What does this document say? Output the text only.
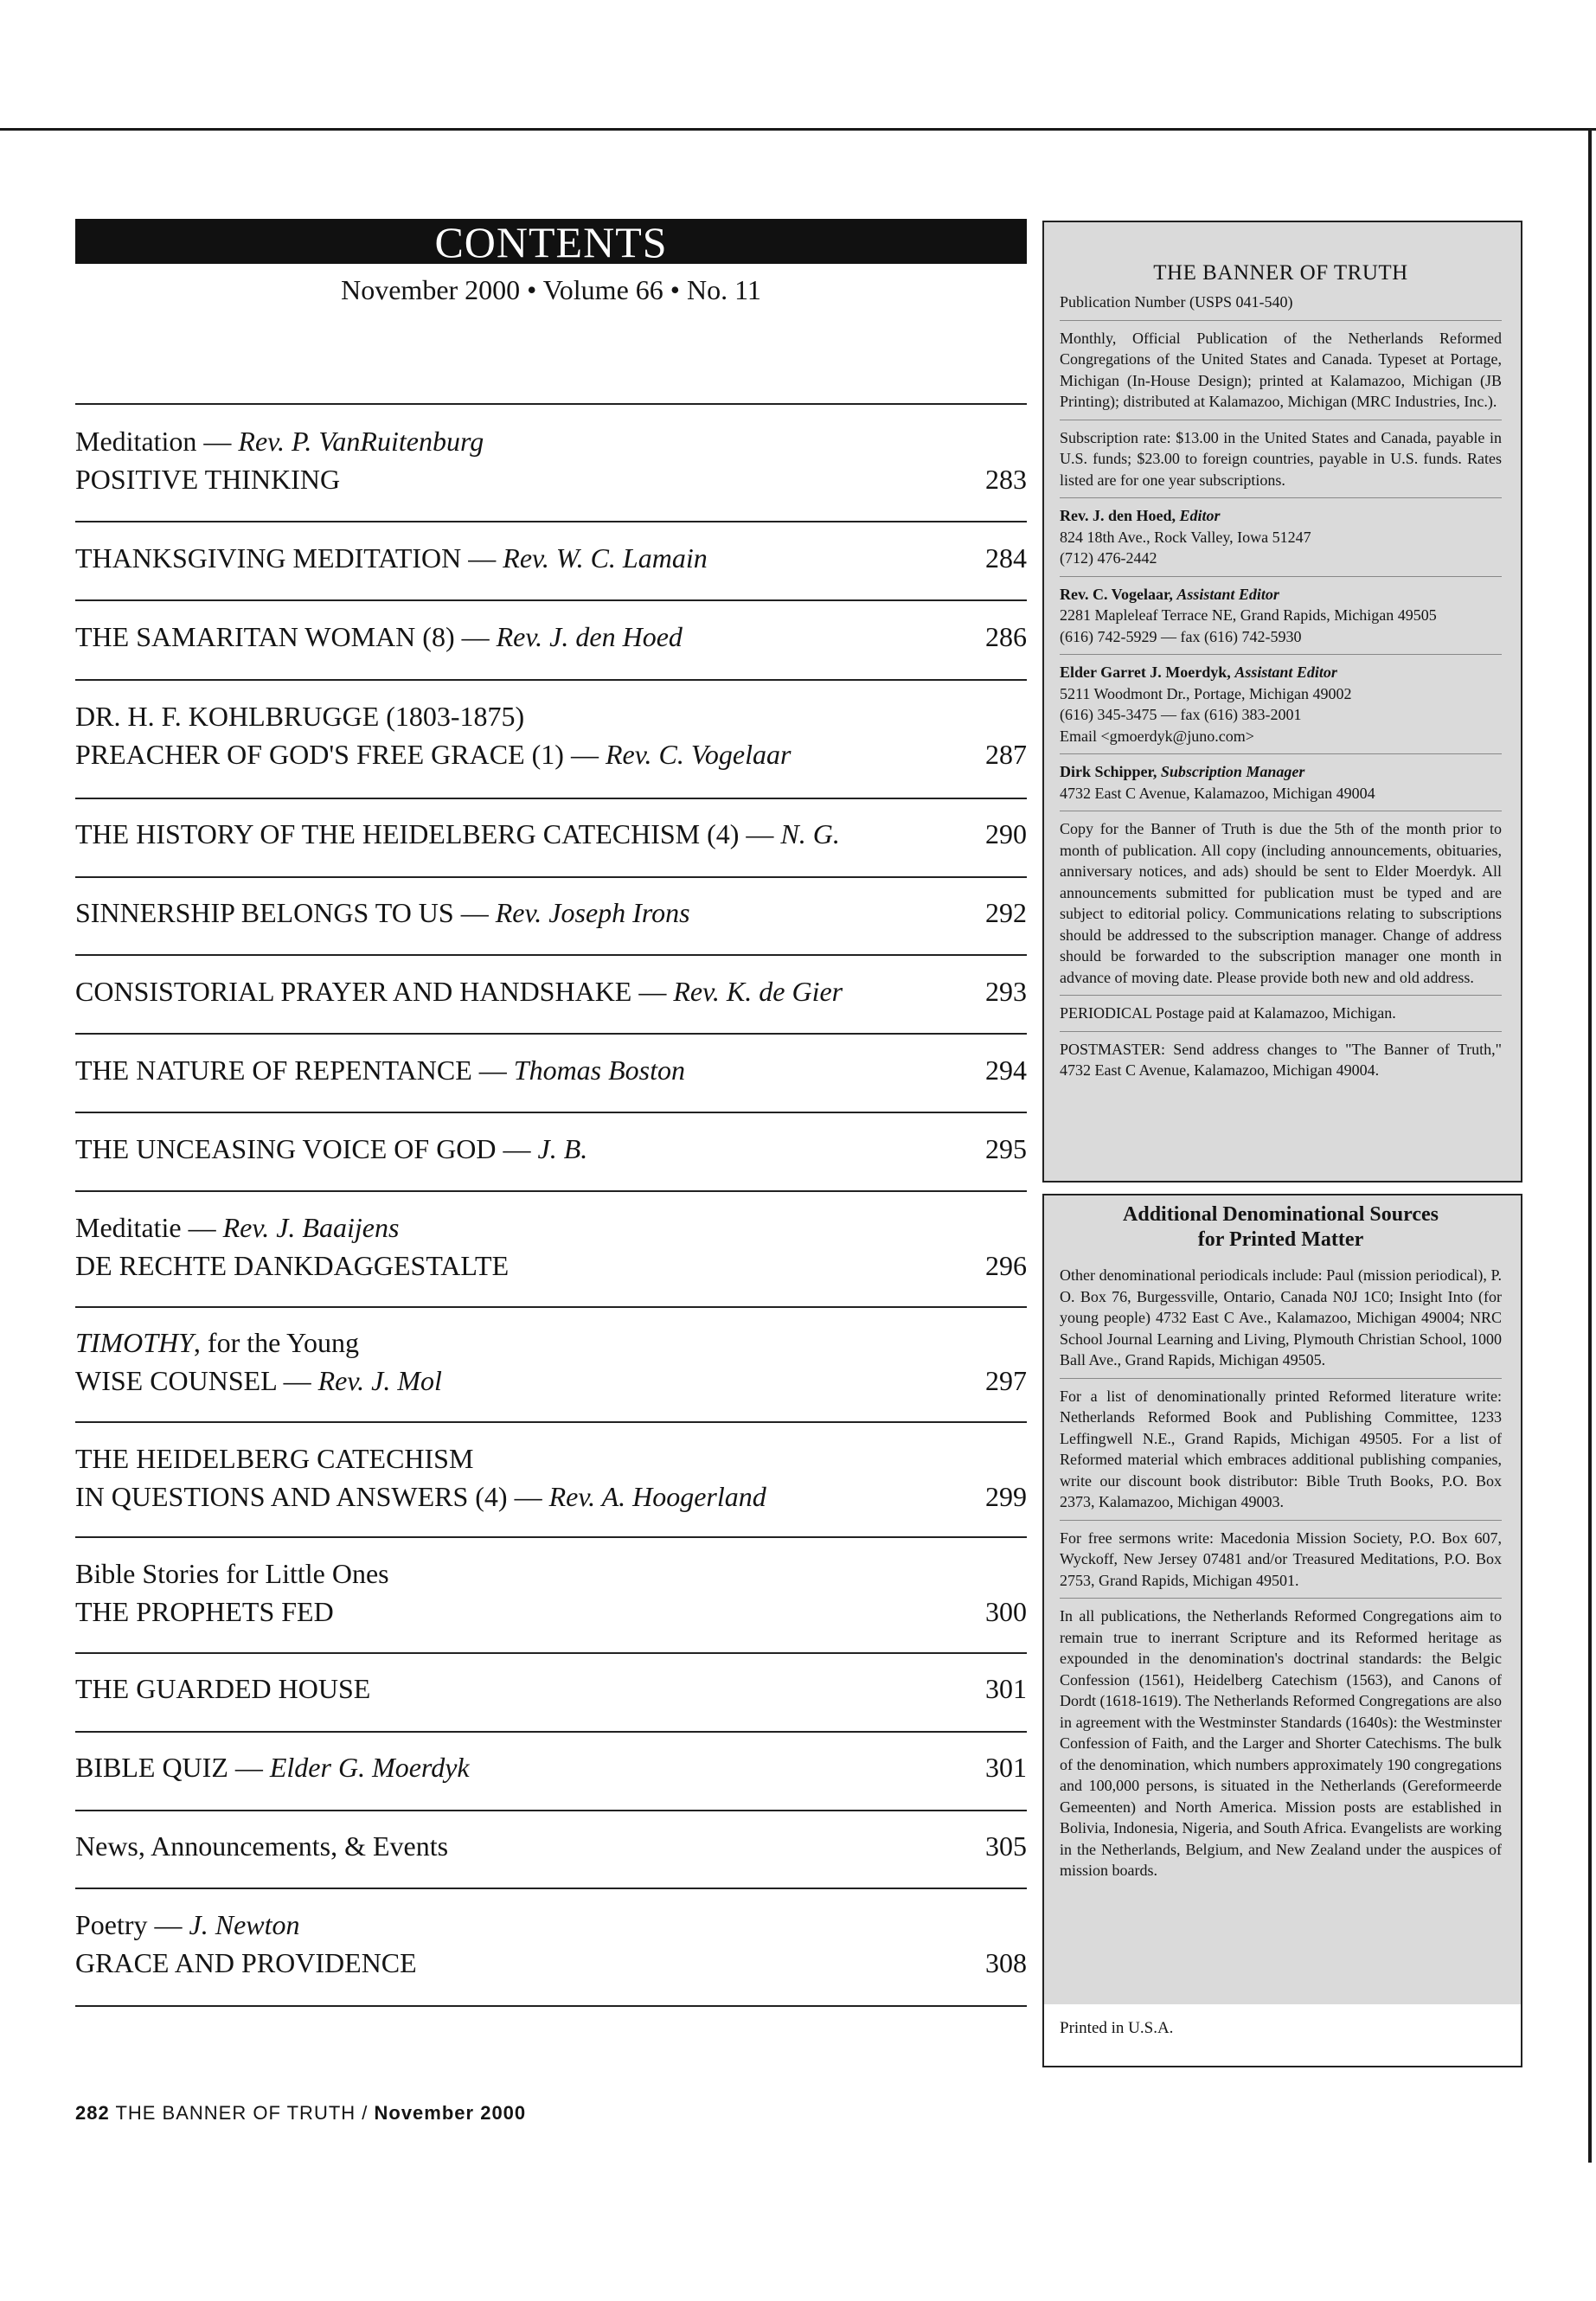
CONTENTS
November 2000 • Volume 66 • No. 11
Meditation — Rev. P. VanRuitenburg
POSITIVE THINKING	283
THANKSGIVING MEDITATION — Rev. W. C. Lamain	284
THE SAMARITAN WOMAN (8) — Rev. J. den Hoed	286
DR. H. F. KOHLBRUGGE (1803-1875)
PREACHER OF GOD'S FREE GRACE (1) — Rev. C. Vogelaar	287
THE HISTORY OF THE HEIDELBERG CATECHISM (4) — N. G.	290
SINNERSHIP BELONGS TO US — Rev. Joseph Irons	292
CONSISTORIAL PRAYER AND HANDSHAKE — Rev. K. de Gier	293
THE NATURE OF REPENTANCE — Thomas Boston	294
THE UNCEASING VOICE OF GOD — J. B.	295
Meditatie — Rev. J. Baaijens
DE RECHTE DANKDAGGESTALTE	296
TIMOTHY, for the Young
WISE COUNSEL — Rev. J. Mol	297
THE HEIDELBERG CATECHISM
IN QUESTIONS AND ANSWERS (4) — Rev. A. Hoogerland	299
Bible Stories for Little Ones
THE PROPHETS FED	300
THE GUARDED HOUSE	301
BIBLE QUIZ — Elder G. Moerdyk	301
News, Announcements, & Events	305
Poetry — J. Newton
GRACE AND PROVIDENCE	308
282 THE BANNER OF TRUTH / November 2000
THE BANNER OF TRUTH

Publication Number (USPS 041-540)

Monthly, Official Publication of the Netherlands Reformed Congregations of the United States and Canada. Typeset at Portage, Michigan (In-House Design); printed at Kalamazoo, Michigan (JB Printing); distributed at Kalamazoo, Michigan (MRC Industries, Inc.).

Subscription rate: $13.00 in the United States and Canada, payable in U.S. funds; $23.00 to foreign countries, payable in U.S. funds. Rates listed are for one year subscriptions.

Rev. J. den Hoed, Editor
824 18th Ave., Rock Valley, Iowa 51247
(712) 476-2442
Rev. C. Vogelaar, Assistant Editor
2281 Mapleleaf Terrace NE, Grand Rapids, Michigan 49505
(616) 742-5929 — fax (616) 742-5930
Elder Garret J. Moerdyk, Assistant Editor
5211 Woodmont Dr., Portage, Michigan 49002
(616) 345-3475 — fax (616) 383-2001
Email <gmoerdyk@juno.com>
Dirk Schipper, Subscription Manager
4732 East C Avenue, Kalamazoo, Michigan 49004

Copy for the Banner of Truth is due the 5th of the month prior to month of publication. All copy (including announcements, obituaries, anniversary notices, and ads) should be sent to Elder Moerdyk. All announcements submitted for publication must be typed and are subject to editorial policy. Communications relating to subscriptions should be addressed to the subscription manager. Change of address should be forwarded to the subscription manager one month in advance of moving date. Please provide both new and old address.

PERIODICAL Postage paid at Kalamazoo, Michigan.

POSTMASTER: Send address changes to "The Banner of Truth," 4732 East C Avenue, Kalamazoo, Michigan 49004.

Additional Denominational Sources
for Printed Matter

Other denominational periodicals include: Paul (mission periodical), P. O. Box 76, Burgessville, Ontario, Canada N0J 1C0; Insight Into (for young people) 4732 East C Ave., Kalamazoo, Michigan 49004; NRC School Journal Learning and Living, Plymouth Christian School, 1000 Ball Ave., Grand Rapids, Michigan 49505.

For a list of denominationally printed Reformed literature write: Netherlands Reformed Book and Publishing Committee, 1233 Leffingwell N.E., Grand Rapids, Michigan 49505. For a list of Reformed material which embraces additional publishing companies, write our discount book distributor: Bible Truth Books, P.O. Box 2373, Kalamazoo, Michigan 49003.

For free sermons write: Macedonia Mission Society, P.O. Box 607, Wyckoff, New Jersey 07481 and/or Treasured Meditations, P.O. Box 2753, Grand Rapids, Michigan 49501.

In all publications, the Netherlands Reformed Congregations aim to remain true to inerrant Scripture and its Reformed heritage as expounded in the denomination's doctrinal standards: the Belgic Confession (1561), Heidelberg Catechism (1563), and Canons of Dordt (1618-1619). The Netherlands Reformed Congregations are also in agreement with the Westminster Standards (1640s): the Westminster Confession of Faith, and the Larger and Shorter Catechisms. The bulk of the denomination, which numbers approximately 190 congregations and 100,000 persons, is situated in the Netherlands (Gereformeerde Gemeenten) and North America. Mission posts are established in Bolivia, Indonesia, Nigeria, and South Africa. Evangelists are working in the Netherlands, Belgium, and New Zealand under the auspices of mission boards.

Printed in U.S.A.
